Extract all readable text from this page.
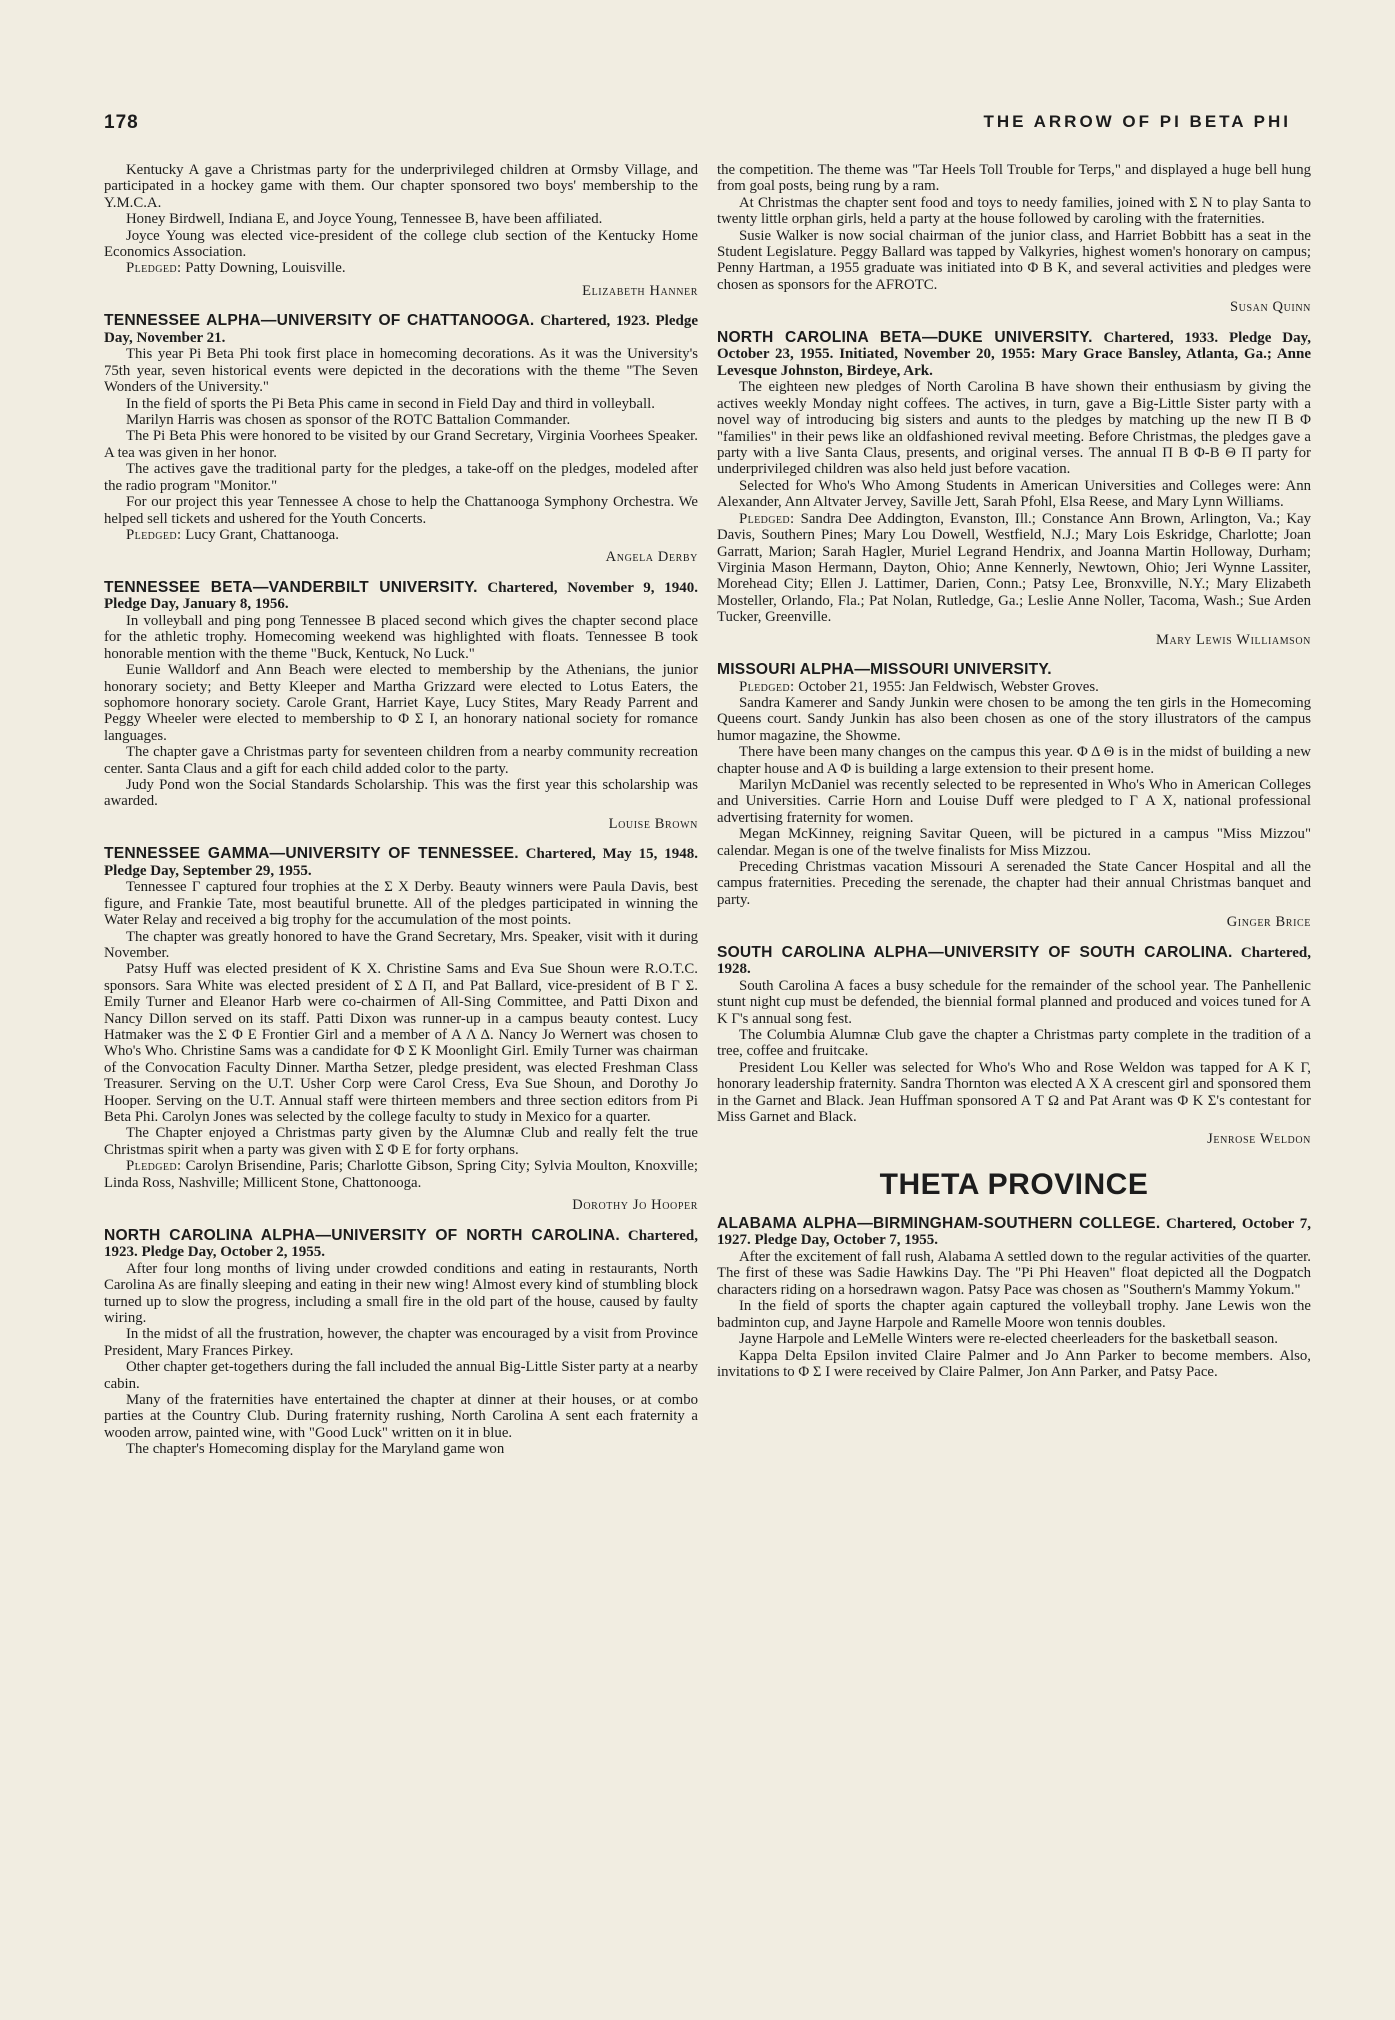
178	THE ARROW OF PI BETA PHI

Kentucky A gave a Christmas party for the underprivileged children at Ormsby Village, and participated in a hockey game with them. Our chapter sponsored two boys' membership to the Y.M.C.A.

Honey Birdwell, Indiana E, and Joyce Young, Tennessee B, have been affiliated.

Joyce Young was elected vice-president of the college club section of the Kentucky Home Economics Association.

Pledged: Patty Downing, Louisville.

Elizabeth Hanner

TENNESSEE ALPHA—UNIVERSITY OF CHATTANOOGA. Chartered, 1923. Pledge Day, November 21.

This year Pi Beta Phi took first place in homecoming decorations. As it was the University's 75th year, seven historical events were depicted in the decorations with the theme "The Seven Wonders of the University."

In the field of sports the Pi Beta Phis came in second in Field Day and third in volleyball.

Marilyn Harris was chosen as sponsor of the ROTC Battalion Commander.

The Pi Beta Phis were honored to be visited by our Grand Secretary, Virginia Voorhees Speaker. A tea was given in her honor.

The actives gave the traditional party for the pledges, a take-off on the pledges, modeled after the radio program "Monitor."

For our project this year Tennessee A chose to help the Chattanooga Symphony Orchestra. We helped sell tickets and ushered for the Youth Concerts.

Pledged: Lucy Grant, Chattanooga.

Angela Derby

TENNESSEE BETA—VANDERBILT UNIVERSITY. Chartered, November 9, 1940. Pledge Day, January 8, 1956.

In volleyball and ping pong Tennessee B placed second which gives the chapter second place for the athletic trophy. Homecoming weekend was highlighted with floats. Tennessee B took honorable mention with the theme "Buck, Kentuck, No Luck."

Eunie Walldorf and Ann Beach were elected to membership by the Athenians, the junior honorary society; and Betty Kleeper and Martha Grizzard were elected to Lotus Eaters, the sophomore honorary society. Carole Grant, Harriet Kaye, Lucy Stites, Mary Ready Parrent and Peggy Wheeler were elected to membership to Φ Σ I, an honorary national society for romance languages.

The chapter gave a Christmas party for seventeen children from a nearby community recreation center. Santa Claus and a gift for each child added color to the party.

Judy Pond won the Social Standards Scholarship. This was the first year this scholarship was awarded.

Louise Brown

TENNESSEE GAMMA—UNIVERSITY OF TENNESSEE. Chartered, May 15, 1948. Pledge Day, September 29, 1955.

Tennessee Γ captured four trophies at the Σ X Derby. Beauty winners were Paula Davis, best figure, and Frankie Tate, most beautiful brunette. All of the pledges participated in winning the Water Relay and received a big trophy for the accumulation of the most points.

The chapter was greatly honored to have the Grand Secretary, Mrs. Speaker, visit with it during November.

Patsy Huff was elected president of K X. Christine Sams and Eva Sue Shoun were R.O.T.C. sponsors. Sara White was elected president of Σ Δ Π, and Pat Ballard, vice-president of B Γ Σ. Emily Turner and Eleanor Harb were co-chairmen of All-Sing Committee, and Patti Dixon and Nancy Dillon served on its staff. Patti Dixon was runner-up in a campus beauty contest. Lucy Hatmaker was the Σ Φ E Frontier Girl and a member of A Λ Δ. Nancy Jo Wernert was chosen to Who's Who. Christine Sams was a candidate for Φ Σ K Moonlight Girl. Emily Turner was chairman of the Convocation Faculty Dinner. Martha Setzer, pledge president, was elected Freshman Class Treasurer. Serving on the U.T. Usher Corp were Carol Cress, Eva Sue Shoun, and Dorothy Jo Hooper. Serving on the U.T. Annual staff were thirteen members and three section editors from Pi Beta Phi. Carolyn Jones was selected by the college faculty to study in Mexico for a quarter.

The Chapter enjoyed a Christmas party given by the Alumnæ Club and really felt the true Christmas spirit when a party was given with Σ Φ E for forty orphans.

Pledged: Carolyn Brisendine, Paris; Charlotte Gibson, Spring City; Sylvia Moulton, Knoxville; Linda Ross, Nashville; Millicent Stone, Chattonooga.

Dorothy Jo Hooper

NORTH CAROLINA ALPHA—UNIVERSITY OF NORTH CAROLINA. Chartered, 1923. Pledge Day, October 2, 1955.

After four long months of living under crowded conditions and eating in restaurants, North Carolina As are finally sleeping and eating in their new wing! Almost every kind of stumbling block turned up to slow the progress, including a small fire in the old part of the house, caused by faulty wiring.

In the midst of all the frustration, however, the chapter was encouraged by a visit from Province President, Mary Frances Pirkey.

Other chapter get-togethers during the fall included the annual Big-Little Sister party at a nearby cabin.

Many of the fraternities have entertained the chapter at dinner at their houses, or at combo parties at the Country Club. During fraternity rushing, North Carolina A sent each fraternity a wooden arrow, painted wine, with "Good Luck" written on it in blue.

The chapter's Homecoming display for the Maryland game won

the competition. The theme was "Tar Heels Toll Trouble for Terps," and displayed a huge bell hung from goal posts, being rung by a ram.

At Christmas the chapter sent food and toys to needy families, joined with Σ N to play Santa to twenty little orphan girls, held a party at the house followed by caroling with the fraternities.

Susie Walker is now social chairman of the junior class, and Harriet Bobbitt has a seat in the Student Legislature. Peggy Ballard was tapped by Valkyries, highest women's honorary on campus; Penny Hartman, a 1955 graduate was initiated into Φ B K, and several activities and pledges were chosen as sponsors for the AFROTC.

Susan Quinn

NORTH CAROLINA BETA—DUKE UNIVERSITY. Chartered, 1933. Pledge Day, October 23, 1955. Initiated, November 20, 1955: Mary Grace Bansley, Atlanta, Ga.; Anne Levesque Johnston, Birdeye, Ark.

The eighteen new pledges of North Carolina B have shown their enthusiasm by giving the actives weekly Monday night coffees. The actives, in turn, gave a Big-Little Sister party with a novel way of introducing big sisters and aunts to the pledges by matching up the new Π B Φ "families" in their pews like an oldfashioned revival meeting. Before Christmas, the pledges gave a party with a live Santa Claus, presents, and original verses. The annual Π B Φ-B Θ Π party for underprivileged children was also held just before vacation.

Selected for Who's Who Among Students in American Universities and Colleges were: Ann Alexander, Ann Altvater Jervey, Saville Jett, Sarah Pfohl, Elsa Reese, and Mary Lynn Williams.

Pledged: Sandra Dee Addington, Evanston, Ill.; Constance Ann Brown, Arlington, Va.; Kay Davis, Southern Pines; Mary Lou Dowell, Westfield, N.J.; Mary Lois Eskridge, Charlotte; Joan Garratt, Marion; Sarah Hagler, Muriel Legrand Hendrix, and Joanna Martin Holloway, Durham; Virginia Mason Hermann, Dayton, Ohio; Anne Kennerly, Newtown, Ohio; Jeri Wynne Lassiter, Morehead City; Ellen J. Lattimer, Darien, Conn.; Patsy Lee, Bronxville, N.Y.; Mary Elizabeth Mosteller, Orlando, Fla.; Pat Nolan, Rutledge, Ga.; Leslie Anne Noller, Tacoma, Wash.; Sue Arden Tucker, Greenville.

Mary Lewis Williamson

MISSOURI ALPHA—MISSOURI UNIVERSITY.

Pledged: October 21, 1955: Jan Feldwisch, Webster Groves.

Sandra Kamerer and Sandy Junkin were chosen to be among the ten girls in the Homecoming Queens court. Sandy Junkin has also been chosen as one of the story illustrators of the campus humor magazine, the Showme.

There have been many changes on the campus this year. Φ Δ Θ is in the midst of building a new chapter house and A Φ is building a large extension to their present home.

Marilyn McDaniel was recently selected to be represented in Who's Who in American Colleges and Universities. Carrie Horn and Louise Duff were pledged to Γ A X, national professional advertising fraternity for women.

Megan McKinney, reigning Savitar Queen, will be pictured in a campus "Miss Mizzou" calendar. Megan is one of the twelve finalists for Miss Mizzou.

Preceding Christmas vacation Missouri A serenaded the State Cancer Hospital and all the campus fraternities. Preceding the serenade, the chapter had their annual Christmas banquet and party.

Ginger Brice

SOUTH CAROLINA ALPHA—UNIVERSITY OF SOUTH CAROLINA. Chartered, 1928.

South Carolina A faces a busy schedule for the remainder of the school year. The Panhellenic stunt night cup must be defended, the biennial formal planned and produced and voices tuned for A K Γ's annual song fest.

The Columbia Alumnæ Club gave the chapter a Christmas party complete in the tradition of a tree, coffee and fruitcake.

President Lou Keller was selected for Who's Who and Rose Weldon was tapped for A K Γ, honorary leadership fraternity. Sandra Thornton was elected A X A crescent girl and sponsored them in the Garnet and Black. Jean Huffman sponsored A T Ω and Pat Arant was Φ K Σ's contestant for Miss Garnet and Black.

Jenrose Weldon

THETA PROVINCE

ALABAMA ALPHA—BIRMINGHAM-SOUTHERN COLLEGE. Chartered, October 7, 1927. Pledge Day, October 7, 1955.

After the excitement of fall rush, Alabama A settled down to the regular activities of the quarter. The first of these was Sadie Hawkins Day. The "Pi Phi Heaven" float depicted all the Dogpatch characters riding on a horsedrawn wagon. Patsy Pace was chosen as "Southern's Mammy Yokum."

In the field of sports the chapter again captured the volleyball trophy. Jane Lewis won the badminton cup, and Jayne Harpole and Ramelle Moore won tennis doubles.

Jayne Harpole and LeMelle Winters were re-elected cheerleaders for the basketball season.

Kappa Delta Epsilon invited Claire Palmer and Jo Ann Parker to become members. Also, invitations to Φ Σ I were received by Claire Palmer, Jon Ann Parker, and Patsy Pace.
